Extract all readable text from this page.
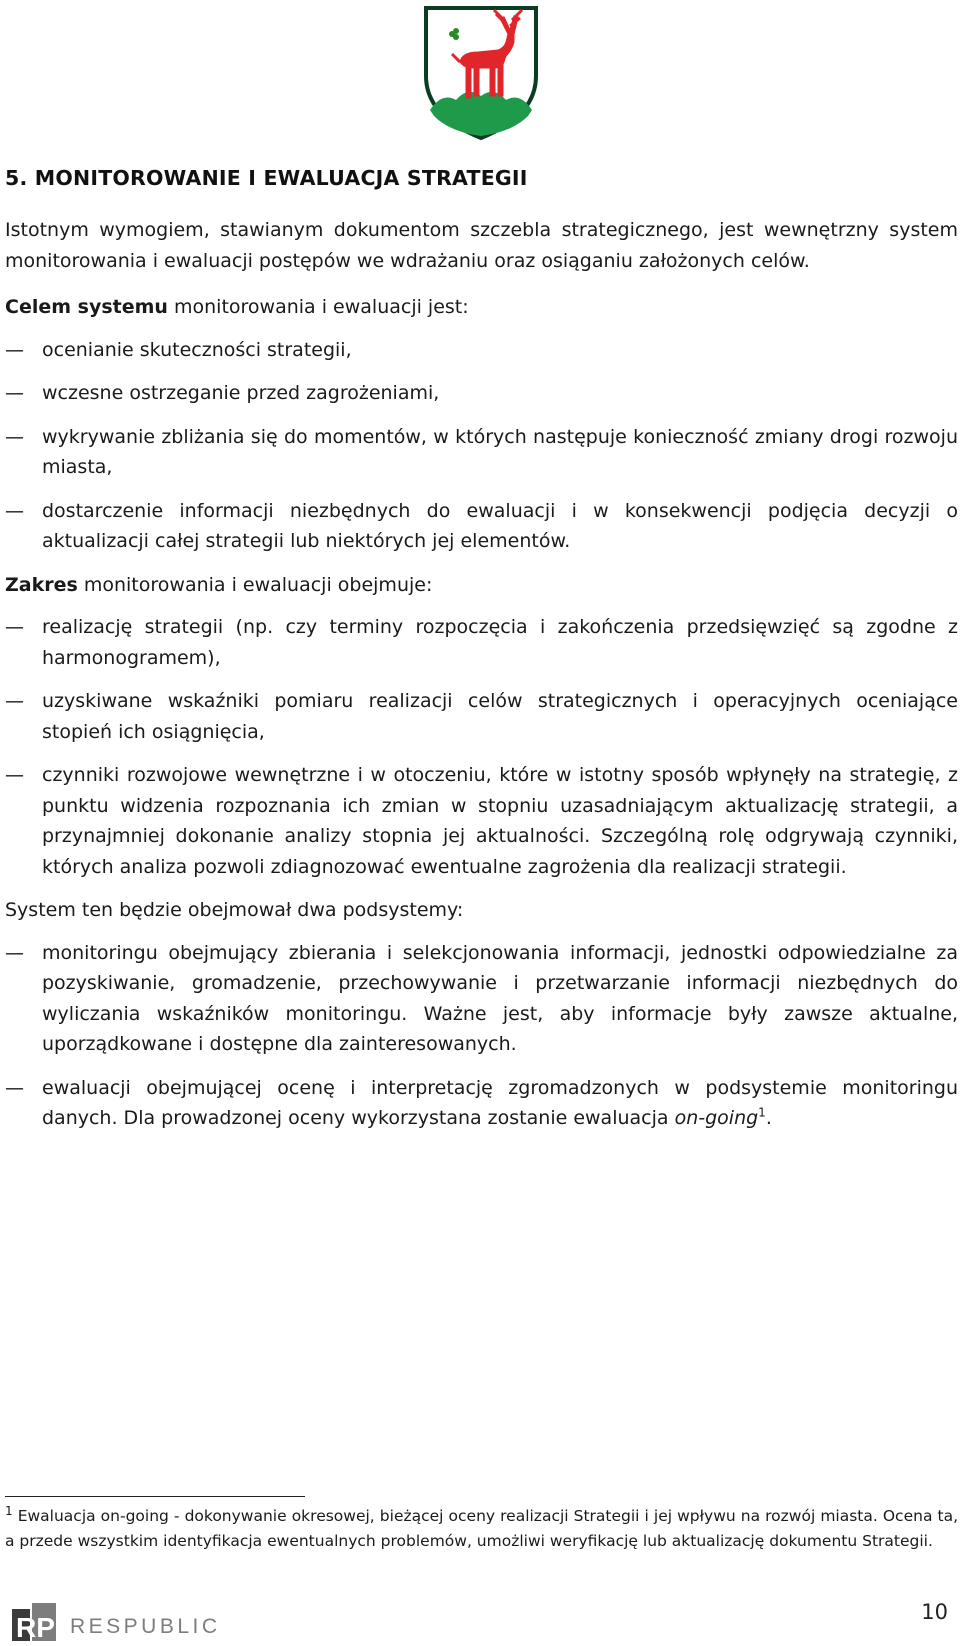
5. MONITOROWANIE I EWALUACJA STRATEGII

Istotnym wymogiem, stawianym dokumentom szczebla strategicznego, jest wewnętrzny system monitorowania i ewaluacji postępów we wdrażaniu oraz osiąganiu założonych celów.

Celem systemu monitorowania i ewaluacji jest:

— ocenianie skuteczności strategii,
— wczesne ostrzeganie przed zagrożeniami,
— wykrywanie zbliżania się do momentów, w których następuje konieczność zmiany drogi rozwoju miasta,
— dostarczenie informacji niezbędnych do ewaluacji i w konsekwencji podjęcia decyzji o aktualizacji całej strategii lub niektórych jej elementów.

Zakres monitorowania i ewaluacji obejmuje:

— realizację strategii (np. czy terminy rozpoczęcia i zakończenia przedsięwzięć są zgodne z harmonogramem),
— uzyskiwane wskaźniki pomiaru realizacji celów strategicznych i operacyjnych oceniające stopień ich osiągnięcia,
— czynniki rozwojowe wewnętrzne i w otoczeniu, które w istotny sposób wpłynęły na strategię, z punktu widzenia rozpoznania ich zmian w stopniu uzasadniającym aktualizację strategii, a przynajmniej dokonanie analizy stopnia jej aktualności. Szczególną rolę odgrywają czynniki, których analiza pozwoli zdiagnozować ewentualne zagrożenia dla realizacji strategii.

System ten będzie obejmował dwa podsystemy:

— monitoringu obejmujący zbierania i selekcjonowania informacji, jednostki odpowiedzialne za pozyskiwanie, gromadzenie, przechowywanie i przetwarzanie informacji niezbędnych do wyliczania wskaźników monitoringu. Ważne jest, aby informacje były zawsze aktualne, uporządkowane i dostępne dla zainteresowanych.
— ewaluacji obejmującej ocenę i interpretację zgromadzonych w podsystemie monitoringu danych. Dla prowadzonej oceny wykorzystana zostanie ewaluacja on-going$^1$.

$^1$ Ewaluacja on-going - dokonywanie okresowej, bieżącej oceny realizacji Strategii i jej wpływu na rozwój miasta. Ocena ta, a przede wszystkim identyfikacja ewentualnych problemów, umożliwi weryfikację lub aktualizację dokumentu Strategii.

RP RESPUBLIC
10
